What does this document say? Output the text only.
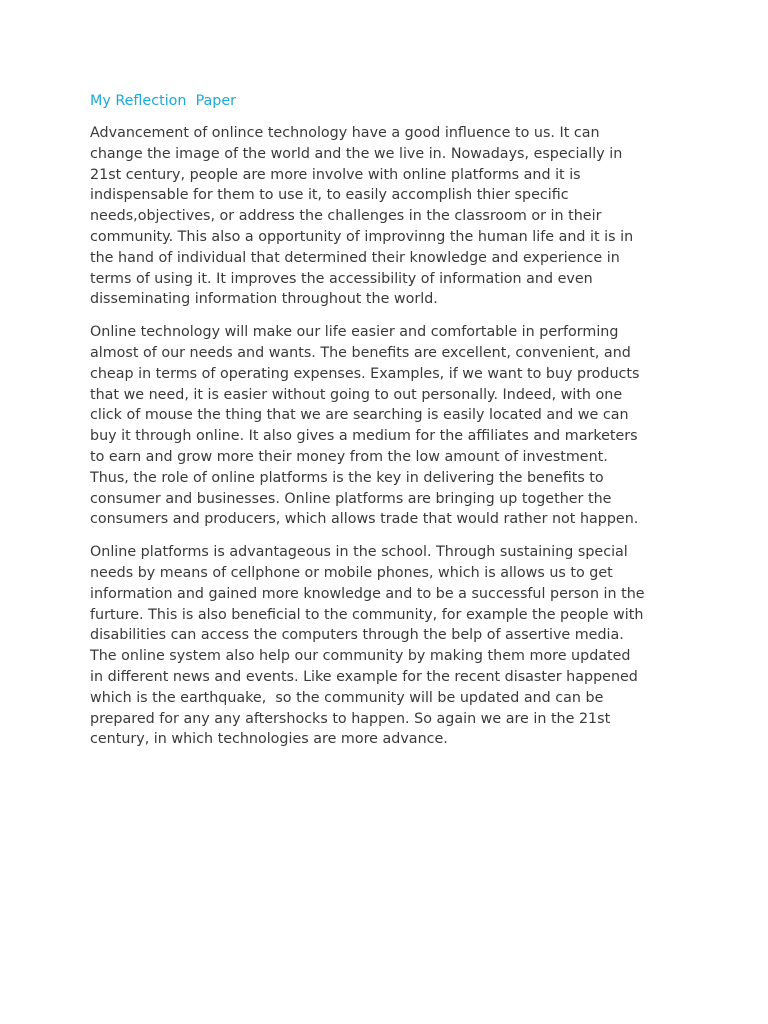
My Reflection  Paper

Advancement of onlince technology have a good influence to us. It can
change the image of the world and the we live in. Nowadays, especially in
21st century, people are more involve with online platforms and it is
indispensable for them to use it, to easily accomplish thier specific
needs,objectives, or address the challenges in the classroom or in their
community. This also a opportunity of improvinng the human life and it is in
the hand of individual that determined their knowledge and experience in
terms of using it. It improves the accessibility of information and even
disseminating information throughout the world.

Online technology will make our life easier and comfortable in performing
almost of our needs and wants. The benefits are excellent, convenient, and
cheap in terms of operating expenses. Examples, if we want to buy products
that we need, it is easier without going to out personally. Indeed, with one
click of mouse the thing that we are searching is easily located and we can
buy it through online. It also gives a medium for the affiliates and marketers
to earn and grow more their money from the low amount of investment.
Thus, the role of online platforms is the key in delivering the benefits to
consumer and businesses. Online platforms are bringing up together the
consumers and producers, which allows trade that would rather not happen.

Online platforms is advantageous in the school. Through sustaining special
needs by means of cellphone or mobile phones, which is allows us to get
information and gained more knowledge and to be a successful person in the
furture. This is also beneficial to the community, for example the people with
disabilities can access the computers through the belp of assertive media.
The online system also help our community by making them more updated
in different news and events. Like example for the recent disaster happened
which is the earthquake,  so the community will be updated and can be
prepared for any any aftershocks to happen. So again we are in the 21st
century, in which technologies are more advance.
